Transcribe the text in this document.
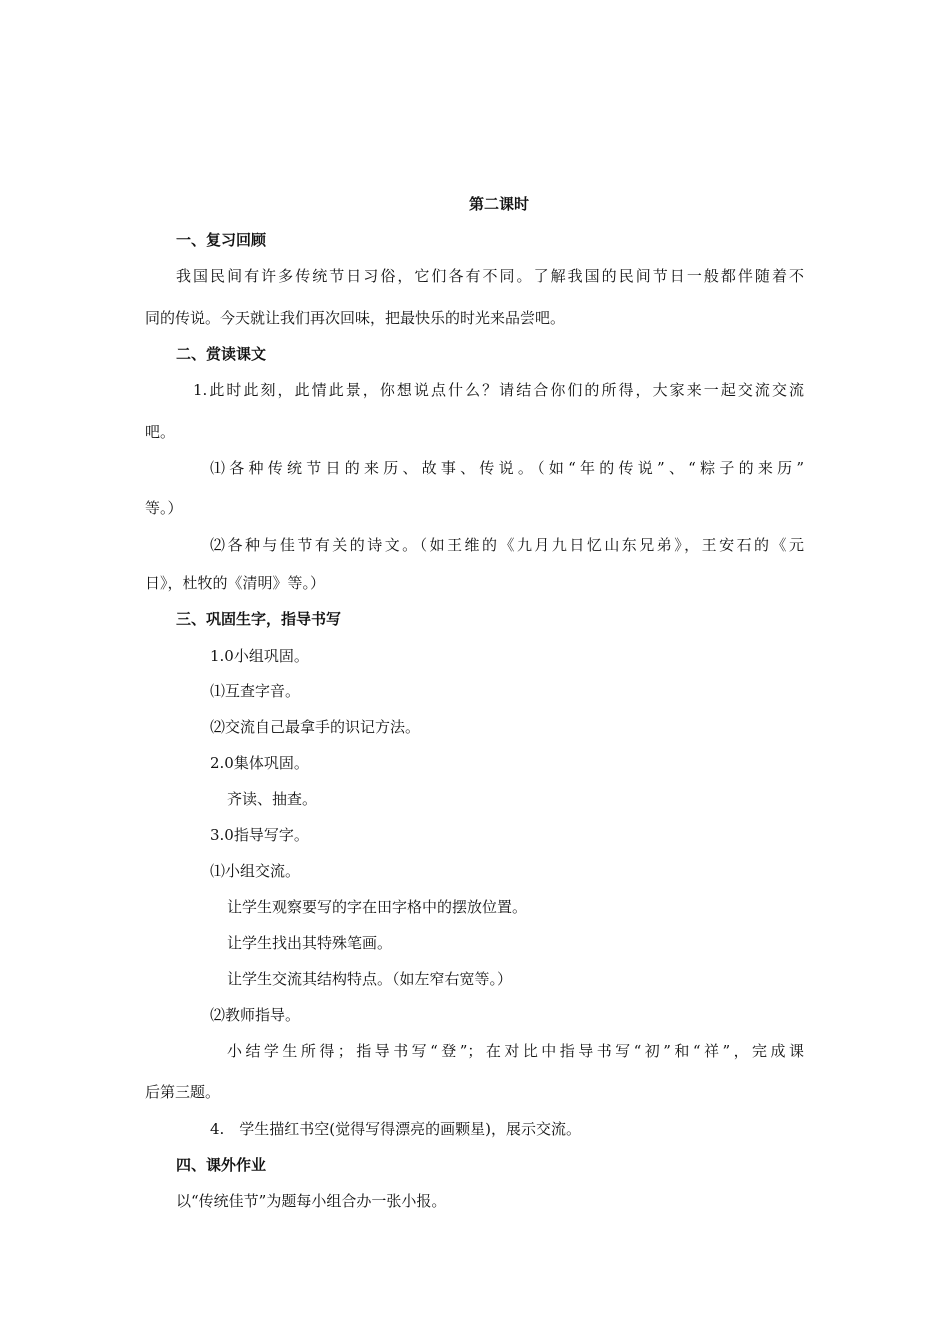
第二课时
一、复习回顾
我国民间有许多传统节日习俗，它们各有不同。了解我国的民间节日一般都伴随着不
同的传说。今天就让我们再次回味，把最快乐的时光来品尝吧。
二、赏读课文
1.此时此刻，此情此景，你想说点什么？请结合你们的所得，大家来一起交流交流
吧。
⑴各种传统节日的来历、故事、传说。（如“年的传说”、“粽子的来历”
等。）
⑵各种与佳节有关的诗文。（如王维的《九月九日忆山东兄弟》，王安石的《元
日》，杜牧的《清明》等。）
三、巩固生字，指导书写
1.0小组巩固。
⑴互查字音。
⑵交流自己最拿手的识记方法。
2.0集体巩固。
齐读、抽查。
3.0指导写字。
⑴小组交流。
让学生观察要写的字在田字格中的摆放位置。
让学生找出其特殊笔画。
让学生交流其结构特点。（如左窄右宽等。）
⑵教师指导。
小结学生所得；指导书写“登”；在对比中指导书写“初”和“祥”，完成课
后第三题。
4.　学生描红书空(觉得写得漂亮的画颗星)，展示交流。
四、课外作业
以“传统佳节”为题每小组合办一张小报。
